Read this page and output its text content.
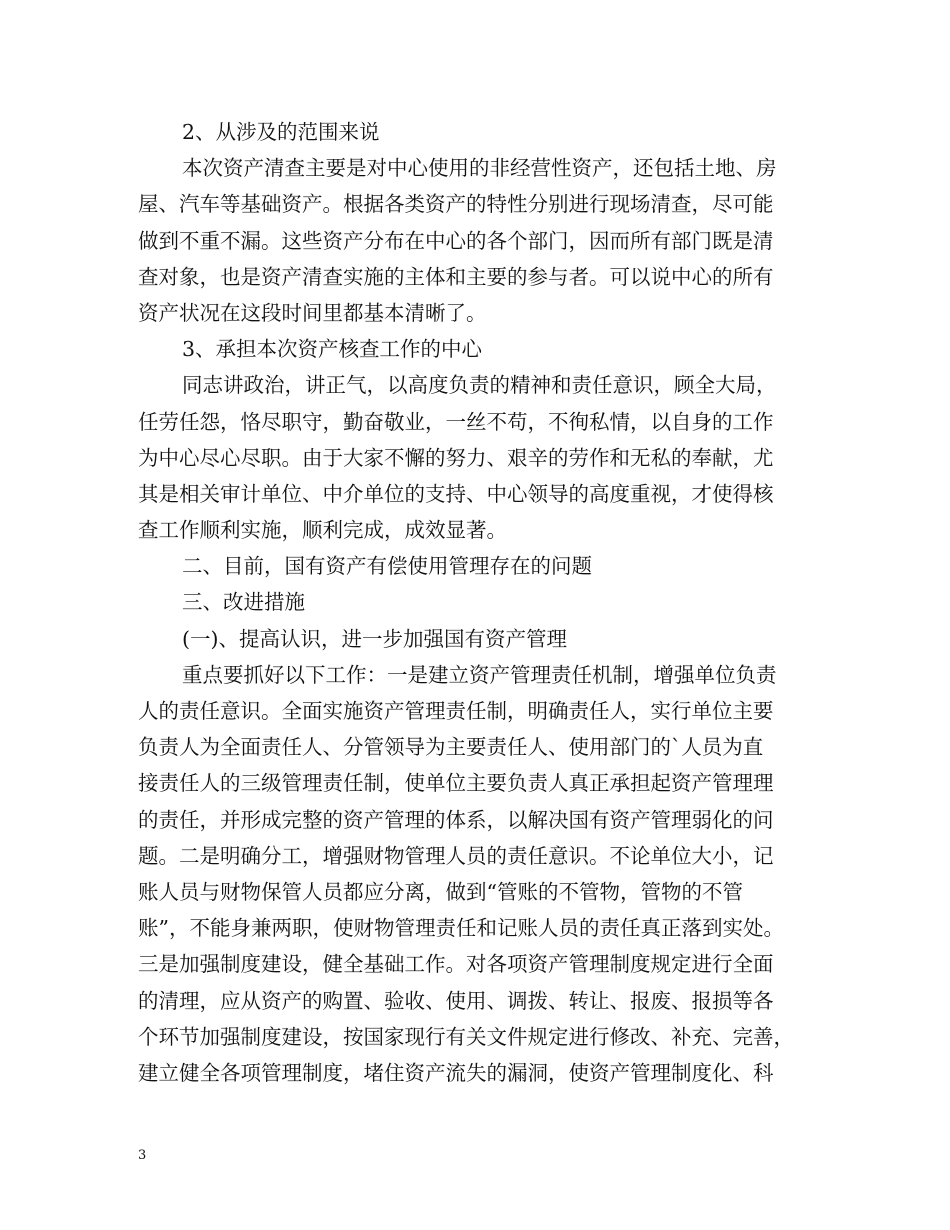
2、从涉及的范围来说
本次资产清查主要是对中心使用的非经营性资产，还包括土地、房
屋、汽车等基础资产。根据各类资产的特性分别进行现场清查，尽可能
做到不重不漏。这些资产分布在中心的各个部门，因而所有部门既是清
查对象，也是资产清查实施的主体和主要的参与者。可以说中心的所有
资产状况在这段时间里都基本清晰了。
3、承担本次资产核查工作的中心
同志讲政治，讲正气，以高度负责的精神和责任意识，顾全大局，
任劳任怨，恪尽职守，勤奋敬业，一丝不苟，不徇私情，以自身的工作
为中心尽心尽职。由于大家不懈的努力、艰辛的劳作和无私的奉献，尤
其是相关审计单位、中介单位的支持、中心领导的高度重视，才使得核
查工作顺利实施，顺利完成，成效显著。
二、目前，国有资产有偿使用管理存在的问题
三、改进措施
(一)、提高认识，进一步加强国有资产管理
重点要抓好以下工作：一是建立资产管理责任机制，增强单位负责
人的责任意识。全面实施资产管理责任制，明确责任人，实行单位主要
负责人为全面责任人、分管领导为主要责任人、使用部门的`人员为直
接责任人的三级管理责任制，使单位主要负责人真正承担起资产管理理
的责任，并形成完整的资产管理的体系，以解决国有资产管理弱化的问
题。二是明确分工，增强财物管理人员的责任意识。不论单位大小，记
账人员与财物保管人员都应分离，做到“管账的不管物，管物的不管
账”，不能身兼两职，使财物管理责任和记账人员的责任真正落到实处。
三是加强制度建设，健全基础工作。对各项资产管理制度规定进行全面
的清理，应从资产的购置、验收、使用、调拨、转让、报废、报损等各
个环节加强制度建设，按国家现行有关文件规定进行修改、补充、完善，
建立健全各项管理制度，堵住资产流失的漏洞，使资产管理制度化、科
3
